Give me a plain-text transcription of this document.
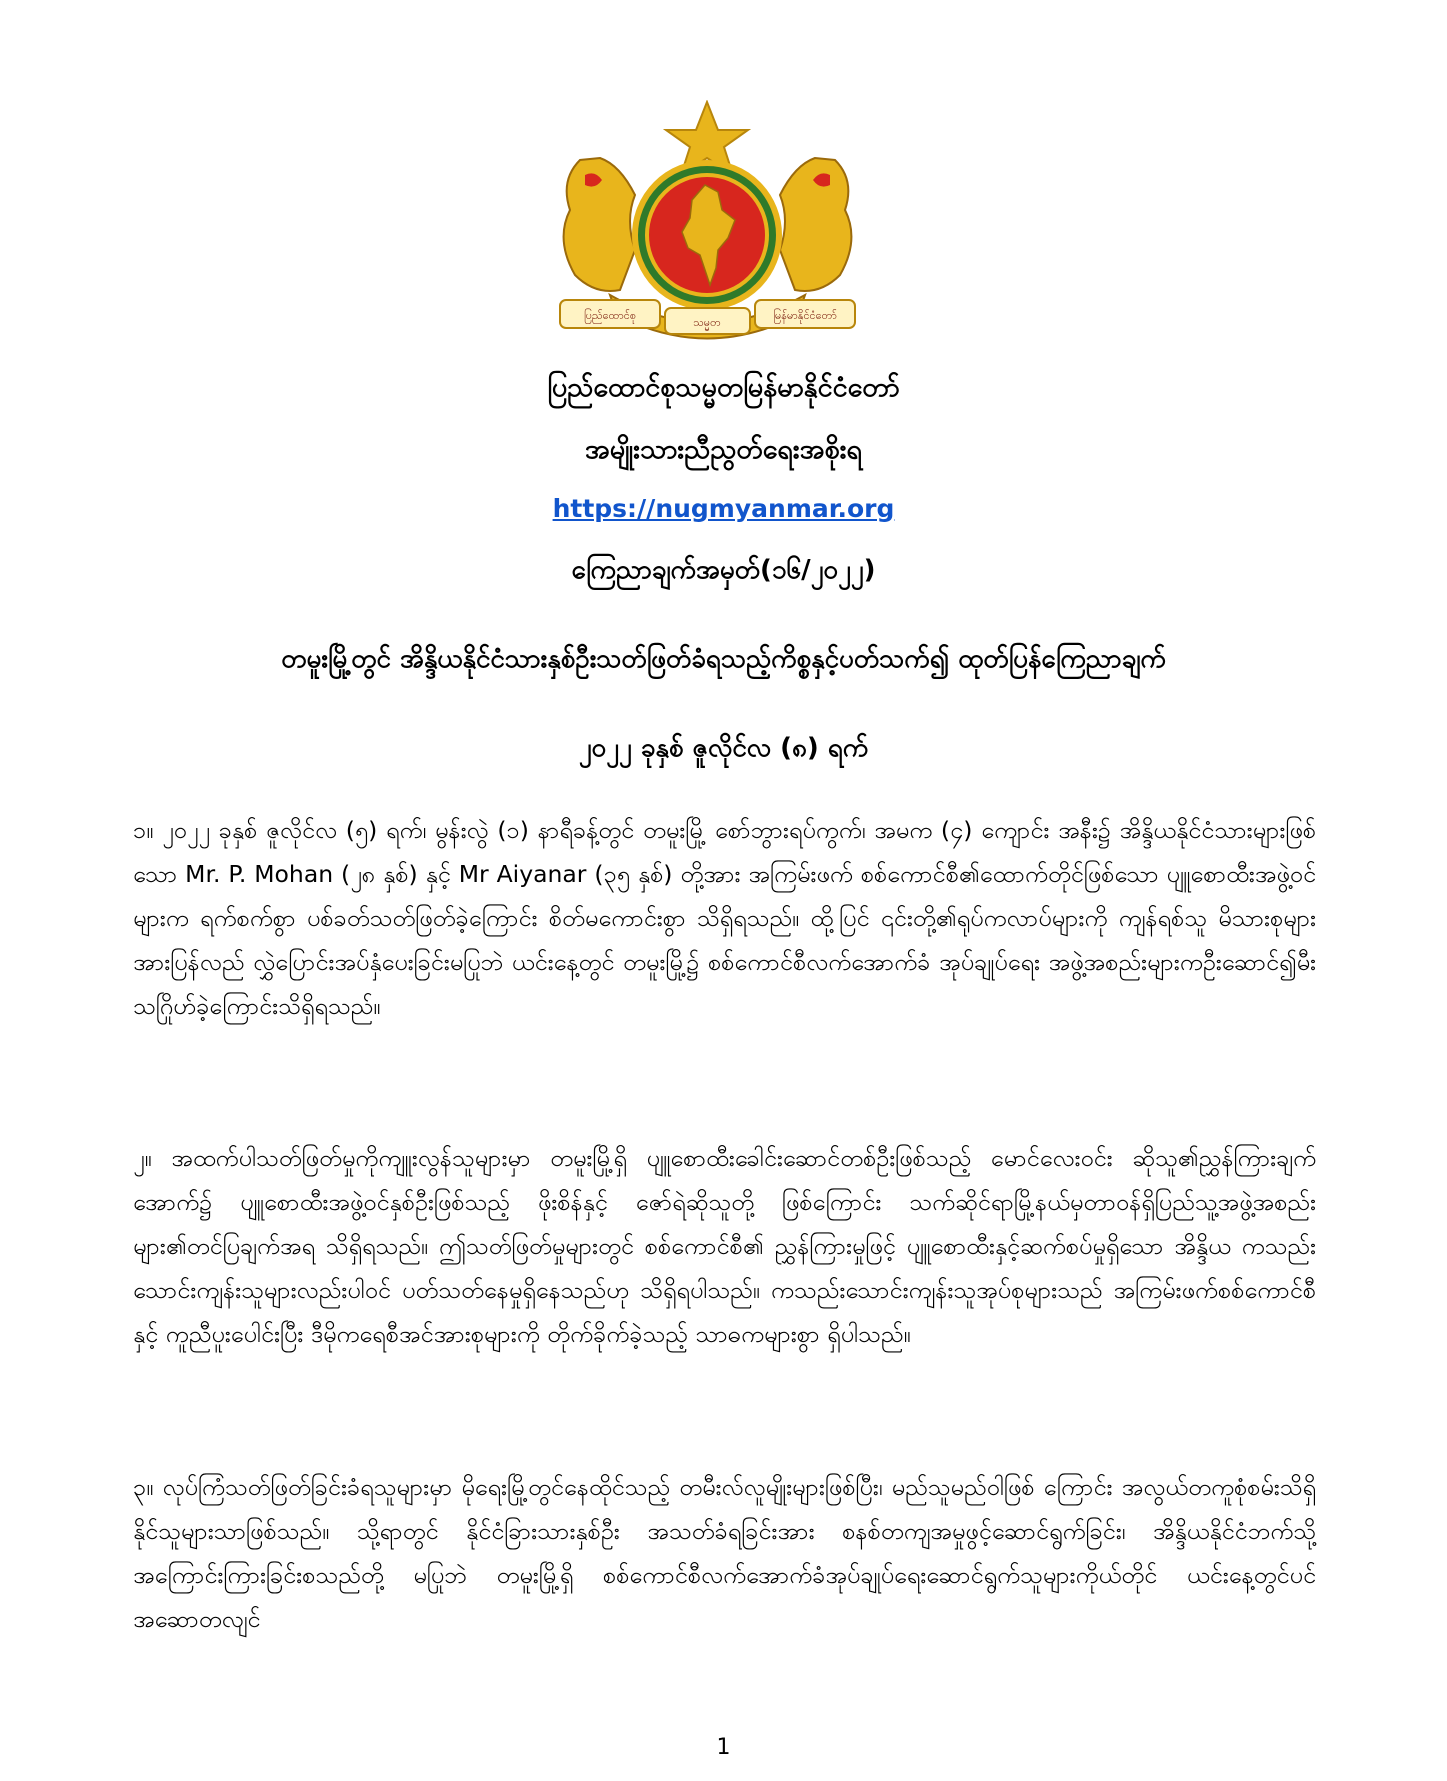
ပြည်ထောင်စု
သမ္မတ
မြန်မာနိုင်ငံတော်
ပြည်ထောင်စုသမ္မတမြန်မာနိုင်ငံတော်
အမျိုးသားညီညွတ်ရေးအစိုးရ
https://nugmyanmar.org
ကြေညာချက်အမှတ်(၁၆/၂၀၂၂)
တမူးမြို့တွင် အိန္ဒိယနိုင်ငံသားနှစ်ဦးသတ်ဖြတ်ခံရသည့်ကိစ္စနှင့်ပတ်သက်၍ ထုတ်ပြန်ကြေညာချက်
၂၀၂၂ ခုနှစ် ဇူလိုင်လ (၈) ရက်

၁။ ၂၀၂၂ ခုနှစ် ဇူလိုင်လ (၅) ရက်၊ မွန်းလွဲ (၁) နာရီခန့်တွင် တမူးမြို့ စော်ဘွားရပ်ကွက်၊ အမက (၄) ကျောင်း အနီး၌ အိန္ဒိယနိုင်ငံသားများဖြစ်သော Mr. P. Mohan (၂၈ နှစ်) နှင့် Mr Aiyanar (၃၅ နှစ်) တို့အား အကြမ်းဖက် စစ်ကောင်စီ၏ထောက်တိုင်ဖြစ်သော ပျူစောထီးအဖွဲ့ဝင်များက ရက်စက်စွာ ပစ်ခတ်သတ်ဖြတ်ခဲ့ကြောင်း စိတ်မကောင်းစွာ သိရှိရသည်။ ထို့ပြင် ၎င်းတို့၏ရုပ်ကလာပ်များကို ကျန်ရစ်သူ မိသားစုများအားပြန်လည် လွှဲပြောင်းအပ်နှံပေးခြင်းမပြုဘဲ ယင်းနေ့တွင် တမူးမြို့၌ စစ်ကောင်စီလက်အောက်ခံ အုပ်ချုပ်ရေး အဖွဲ့အစည်းများကဦးဆောင်၍မီးသဂြိုဟ်ခဲ့ကြောင်းသိရှိရသည်။

၂။ အထက်ပါသတ်ဖြတ်မှုကိုကျူးလွန်သူများမှာ တမူးမြို့ရှိ ပျူစောထီးခေါင်းဆောင်တစ်ဦးဖြစ်သည့် မောင်လေးဝင်း ဆိုသူ၏ညွှန်ကြားချက်အောက်၌ ပျူစောထီးအဖွဲ့ဝင်နှစ်ဦးဖြစ်သည့် ဖိုးစိန်နှင့် ဇော်ရဲဆိုသူတို့ ဖြစ်ကြောင်း သက်ဆိုင်ရာမြို့နယ်မှတာဝန်ရှိပြည်သူ့အဖွဲ့အစည်းများ၏တင်ပြချက်အရ သိရှိရသည်။ ဤသတ်ဖြတ်မှုများတွင် စစ်ကောင်စီ၏ ညွှန်ကြားမှုဖြင့် ပျူစောထီးနှင့်ဆက်စပ်မှုရှိသော အိန္ဒိယ ကသည်း သောင်းကျန်းသူများလည်းပါဝင် ပတ်သတ်နေမှုရှိနေသည်ဟု သိရှိရပါသည်။ ကသည်းသောင်းကျန်းသူအုပ်စုများသည် အကြမ်းဖက်စစ်ကောင်စီနှင့် ကူညီပူးပေါင်းပြီး ဒီမိုကရေစီအင်အားစုများကို တိုက်ခိုက်ခဲ့သည့် သာဓကများစွာ ရှိပါသည်။

၃။ လုပ်ကြံသတ်ဖြတ်ခြင်းခံရသူများမှာ မိုရေးမြို့တွင်နေထိုင်သည့် တမီးလ်လူမျိုးများဖြစ်ပြီး၊ မည်သူမည်ဝါဖြစ် ကြောင်း အလွယ်တကူစုံစမ်းသိရှိနိုင်သူများသာဖြစ်သည်။ သို့ရာတွင် နိုင်ငံခြားသားနှစ်ဦး အသတ်ခံရခြင်းအား စနစ်တကျအမှုဖွင့်ဆောင်ရွက်ခြင်း၊ အိန္ဒိယနိုင်ငံဘက်သို့အကြောင်းကြားခြင်းစသည်တို့ မပြုဘဲ တမူးမြို့ရှိ စစ်ကောင်စီလက်အောက်ခံအုပ်ချုပ်ရေးဆောင်ရွက်သူများကိုယ်တိုင် ယင်းနေ့တွင်ပင် အဆောတလျင်

1
